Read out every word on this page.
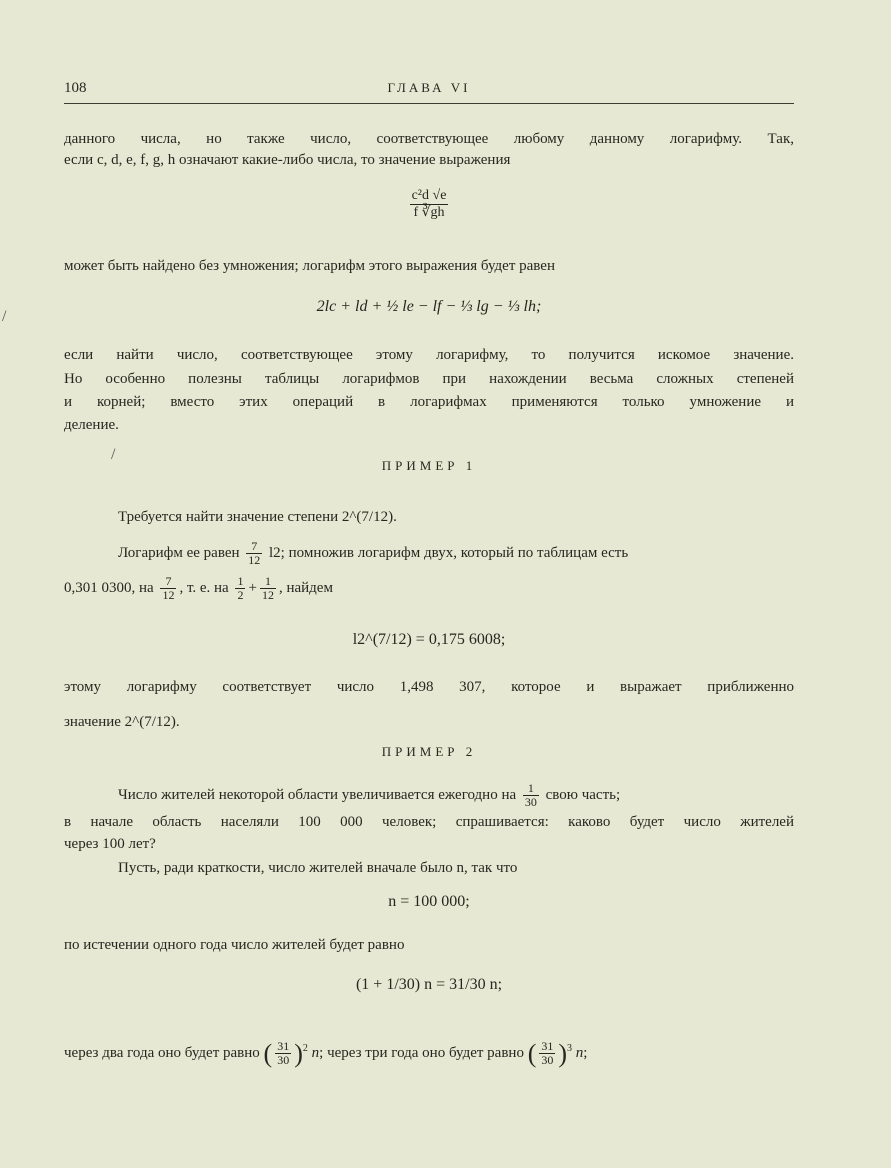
108	ГЛАВА VI
данного числа, но также число, соответствующее любому данному логарифму. Так,
если c, d, e, f, g, h означают какие-либо числа, то значение выражения
$\frac{\text{c²d √e}}{f ∛gh}$
может быть найдено без умножения; логарифм этого выражения будет равен
2lc + ld + ½ le − lf − ⅓ lg − ⅓ lh;
если найти число, соответствующее этому логарифму, то получится искомое значение.
Но особенно полезны таблицы логарифмов при нахождении весьма сложных степеней
и корней; вместо этих операций в логарифмах применяются только умножение и
деление.
ПРИМЕР 1
Требуется найти значение степени 2^(7/12).
Логарифм ее равен $\frac{7}{12} l2$; помножив логарифм двух, который по таблицам есть
0,301 0300, на $\frac{7}{12}$ , т. е. на $\frac{1}{2} + \frac{1}{12}$ , найдем
l2^(7/12) = 0,175 6008;
этому логарифму соответствует число 1,498 307, которое и выражает приближенно
значение 2^(7/12).
ПРИМЕР 2
Число жителей некоторой области увеличивается ежегодно на $\frac{1}{30}$ свою часть;
в начале область населяли 100 000 человек; спрашивается: каково будет число жителей
через 100 лет?
Пусть, ради краткости, число жителей вначале было n, так что
n = 100 000;
по истечении одного года число жителей будет равно
(1 + 1/30) n = 31/30 n;
через два года оно будет равно ( $\frac{31}{30} )^2$ n; через три года оно будет равно ( $\frac{31}{30} )^3$ n;
/
/
